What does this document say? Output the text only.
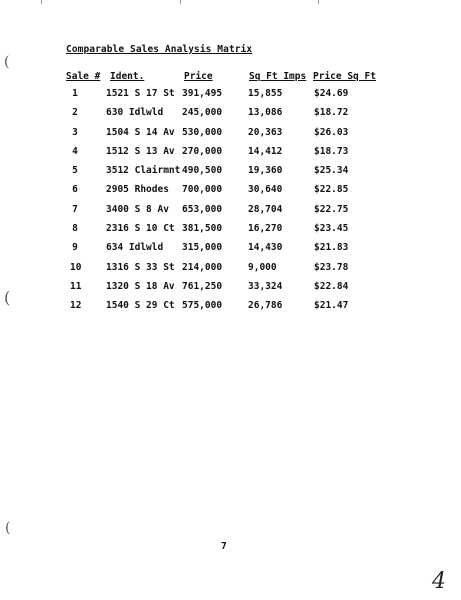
(
(
(
Comparable Sales Analysis Matrix
Sale # Ident.	Price	Sq Ft Imps Price Sq Ft
1	1521 S 17 St 391,495	15,855	$24.69
2	630 Idlwld 245,000	13,086	$18.72
3	1504 S 14 Av 530,000	20,363	$26.03
4	1512 S 13 Av 270,000	14,412	$18.73
5	3512 Clairmnt 490,500	19,360	$25.34
6	2905 Rhodes 700,000	30,640	$22.85
7	3400 S 8 Av 653,000	28,704	$22.75
8	2316 S 10 Ct 381,500	16,270	$23.45
9	634 Idlwld 315,000	14,430	$21.83
10	1316 S 33 St 214,000	9,000	$23.78
11	1320 S 18 Av 761,250	33,324	$22.84
12	1540 S 29 Ct 575,000	26,786	$21.47
7
4
